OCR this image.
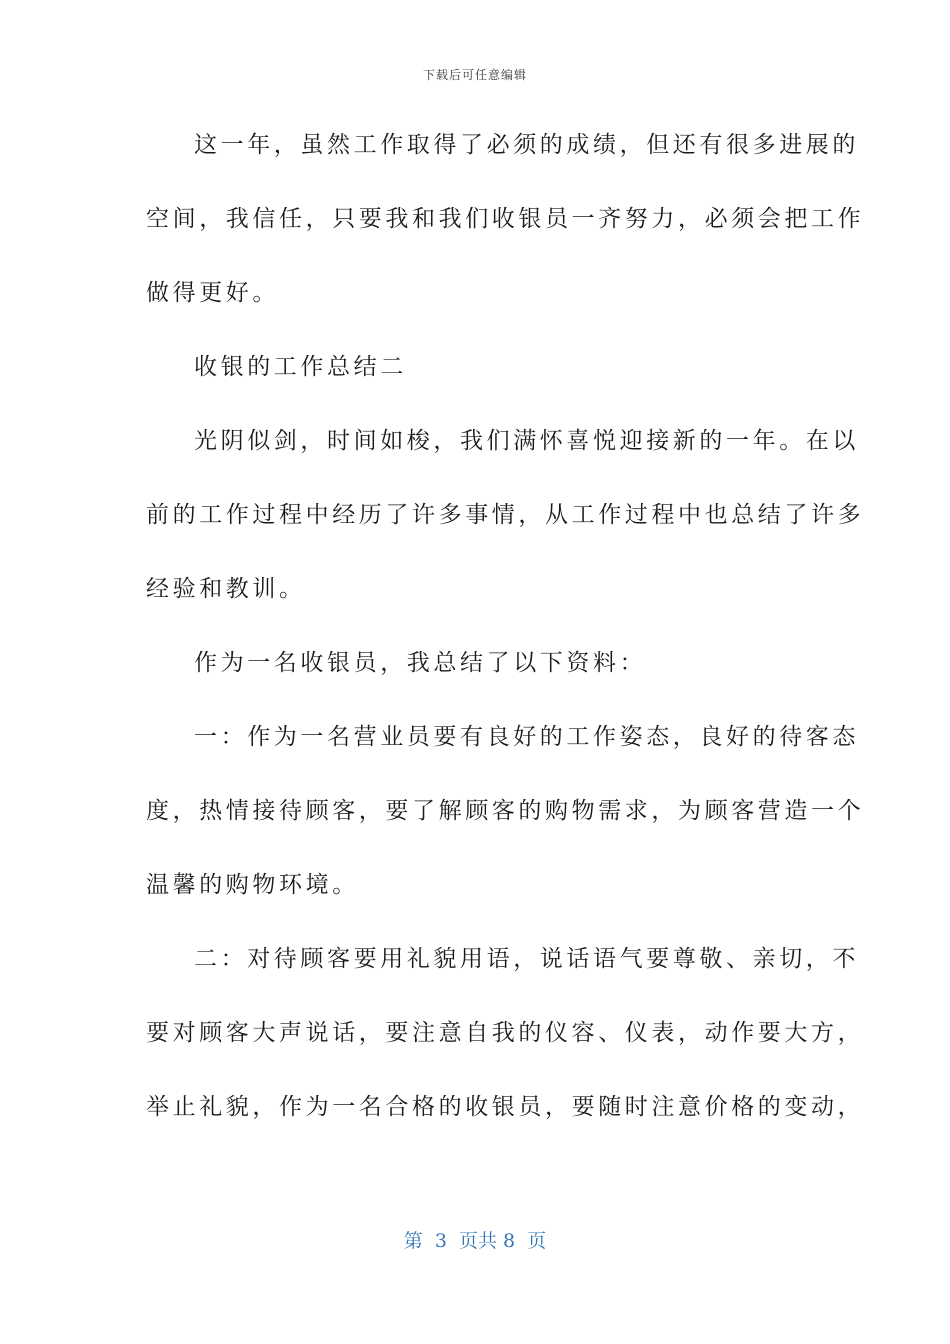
下载后可任意编辑
这一年，虽然工作取得了必须的成绩，但还有很多进展的
空间，我信任，只要我和我们收银员一齐努力，必须会把工作
做得更好。
收银的工作总结二
光阴似剑，时间如梭，我们满怀喜悦迎接新的一年。在以
前的工作过程中经历了许多事情，从工作过程中也总结了许多
经验和教训。
作为一名收银员，我总结了以下资料：
一：作为一名营业员要有良好的工作姿态，良好的待客态
度，热情接待顾客，要了解顾客的购物需求，为顾客营造一个
温馨的购物环境。
二：对待顾客要用礼貌用语，说话语气要尊敬、亲切，不
要对顾客大声说话，要注意自我的仪容、仪表，动作要大方，
举止礼貌，作为一名合格的收银员，要随时注意价格的变动，
第  3  页共 8  页
